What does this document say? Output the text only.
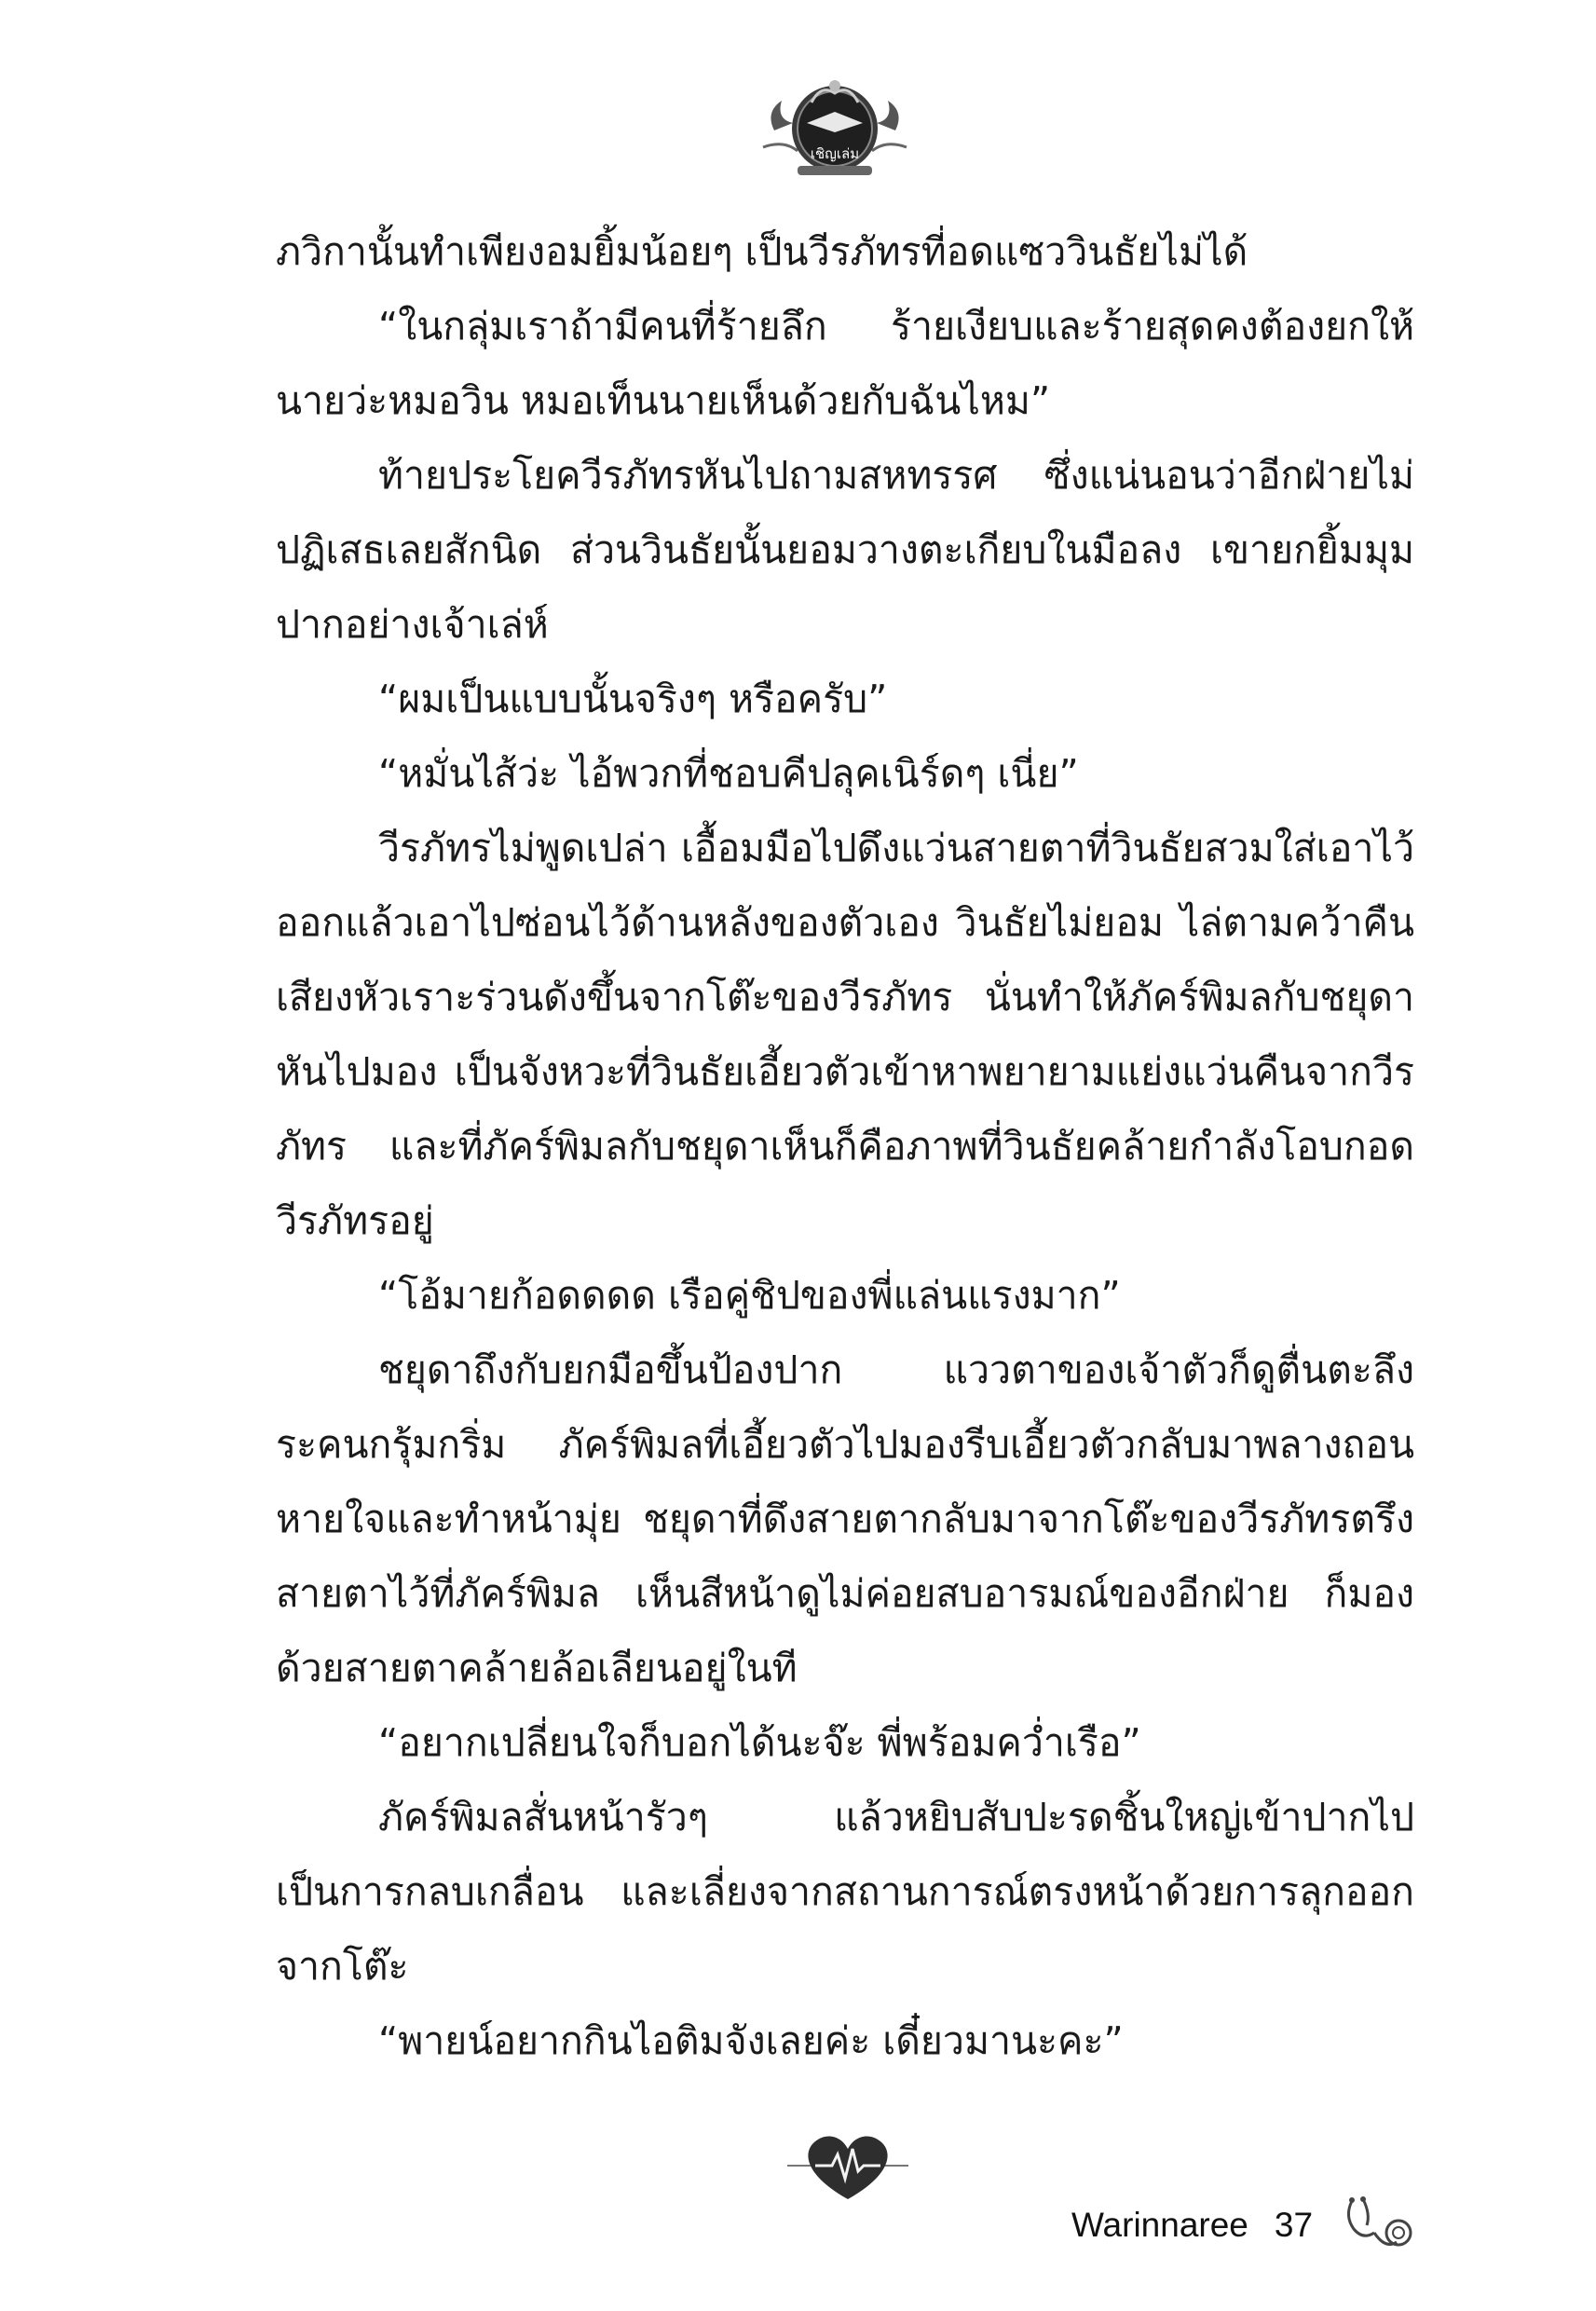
เชิญเล่ม

ภวิกานั้นทำเพียงอมยิ้มน้อยๆ เป็นวีรภัทรที่อดแซววินธัยไม่ได้

“ในกลุ่มเราถ้ามีคนที่ร้ายลึก ร้ายเงียบและร้ายสุดคงต้องยกให้นายว่ะหมอวิน หมอเท็นนายเห็นด้วยกับฉันไหม”

ท้ายประโยควีรภัทรหันไปถามสหทรรศ ซึ่งแน่นอนว่าอีกฝ่ายไม่ปฏิเสธเลยสักนิด ส่วนวินธัยนั้นยอมวางตะเกียบในมือลง เขายกยิ้มมุมปากอย่างเจ้าเล่ห์

“ผมเป็นแบบนั้นจริงๆ หรือครับ”

“หมั่นไส้ว่ะ ไอ้พวกที่ชอบคีปลุคเนิร์ดๆ เนี่ย”

วีรภัทรไม่พูดเปล่า เอื้อมมือไปดึงแว่นสายตาที่วินธัยสวมใส่เอาไว้ออกแล้วเอาไปซ่อนไว้ด้านหลังของตัวเอง วินธัยไม่ยอม ไล่ตามคว้าคืน เสียงหัวเราะร่วนดังขึ้นจากโต๊ะของวีรภัทร นั่นทำให้ภัคร์พิมลกับชยุดาหันไปมอง เป็นจังหวะที่วินธัยเอี้ยวตัวเข้าหาพยายามแย่งแว่นคืนจากวีรภัทร และที่ภัคร์พิมลกับชยุดาเห็นก็คือภาพที่วินธัยคล้ายกำลังโอบกอดวีรภัทรอยู่

“โอ้มายก้อดดดด เรือคู่ชิปของพี่แล่นแรงมาก”

ชยุดาถึงกับยกมือขึ้นป้องปาก แววตาของเจ้าตัวก็ดูตื่นตะลึงระคนกรุ้มกริ่ม ภัคร์พิมลที่เอี้ยวตัวไปมองรีบเอี้ยวตัวกลับมาพลางถอนหายใจและทำหน้ามุ่ย ชยุดาที่ดึงสายตากลับมาจากโต๊ะของวีรภัทรตรึงสายตาไว้ที่ภัคร์พิมล เห็นสีหน้าดูไม่ค่อยสบอารมณ์ของอีกฝ่าย ก็มองด้วยสายตาคล้ายล้อเลียนอยู่ในที

“อยากเปลี่ยนใจก็บอกได้นะจ๊ะ พี่พร้อมคว่ำเรือ”

ภัคร์พิมลสั่นหน้ารัวๆ แล้วหยิบสับปะรดชิ้นใหญ่เข้าปากไปเป็นการกลบเกลื่อน และเลี่ยงจากสถานการณ์ตรงหน้าด้วยการลุกออกจากโต๊ะ

“พายน์อยากกินไอติมจังเลยค่ะ เดี๋ยวมานะคะ”

Warinnaree 37
